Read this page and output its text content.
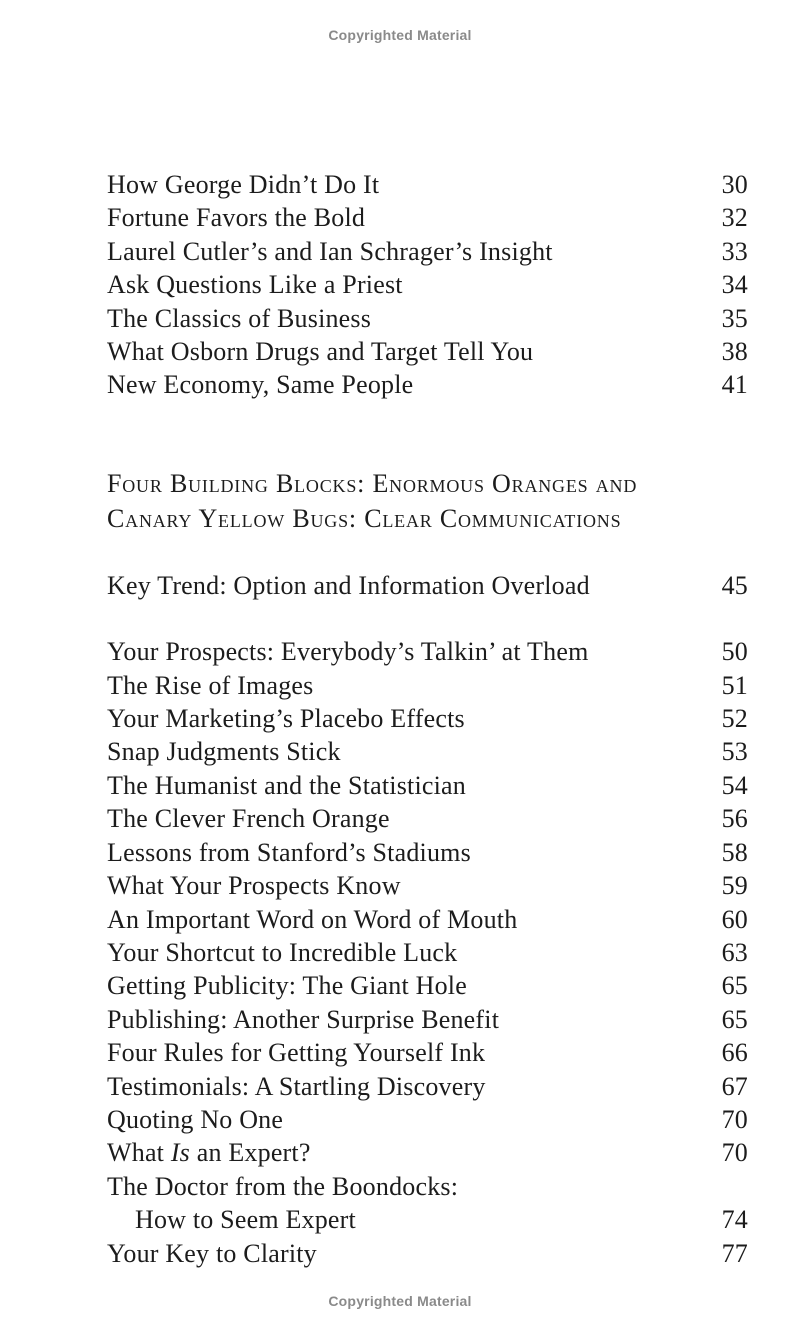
Copyrighted Material
How George Didn’t Do It	30
Fortune Favors the Bold	32
Laurel Cutler’s and Ian Schrager’s Insight	33
Ask Questions Like a Priest	34
The Classics of Business	35
What Osborn Drugs and Target Tell You	38
New Economy, Same People	41
Four Building Blocks: Enormous Oranges and
Canary Yellow Bugs: Clear Communications
Key Trend: Option and Information Overload	45
Your Prospects: Everybody’s Talkin’ at Them	50
The Rise of Images	51
Your Marketing’s Placebo Effects	52
Snap Judgments Stick	53
The Humanist and the Statistician	54
The Clever French Orange	56
Lessons from Stanford’s Stadiums	58
What Your Prospects Know	59
An Important Word on Word of Mouth	60
Your Shortcut to Incredible Luck	63
Getting Publicity: The Giant Hole	65
Publishing: Another Surprise Benefit	65
Four Rules for Getting Yourself Ink	66
Testimonials: A Startling Discovery	67
Quoting No One	70
What Is an Expert?	70
The Doctor from the Boondocks:
How to Seem Expert	74
Your Key to Clarity	77
Copyrighted Material
